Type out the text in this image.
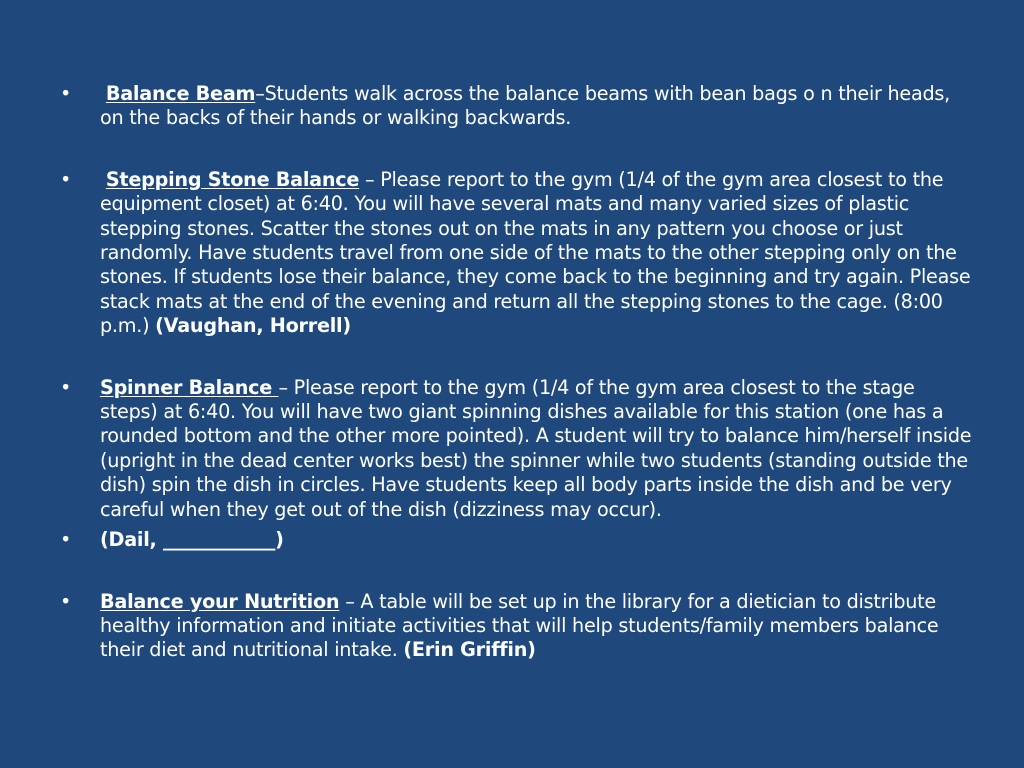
• Balance Beam–Students walk across the balance beams with bean bags o n their heads, on the backs of their hands or walking backwards.
• Stepping Stone Balance – Please report to the gym (1/4 of the gym area closest to the equipment closet) at 6:40. You will have several mats and many varied sizes of plastic stepping stones. Scatter the stones out on the mats in any pattern you choose or just randomly. Have students travel from one side of the mats to the other stepping only on the stones. If students lose their balance, they come back to the beginning and try again. Please stack mats at the end of the evening and return all the stepping stones to the cage. (8:00 p.m.) (Vaughan, Horrell)
• Spinner Balance – Please report to the gym (1/4 of the gym area closest to the stage steps) at 6:40. You will have two giant spinning dishes available for this station (one has a rounded bottom and the other more pointed). A student will try to balance him/herself inside (upright in the dead center works best) the spinner while two students (standing outside the dish) spin the dish in circles. Have students keep all body parts inside the dish and be very careful when they get out of the dish (dizziness may occur).
• (Dail, ____________)
• Balance your Nutrition – A table will be set up in the library for a dietician to distribute healthy information and initiate activities that will help students/family members balance their diet and nutritional intake. (Erin Griffin)
